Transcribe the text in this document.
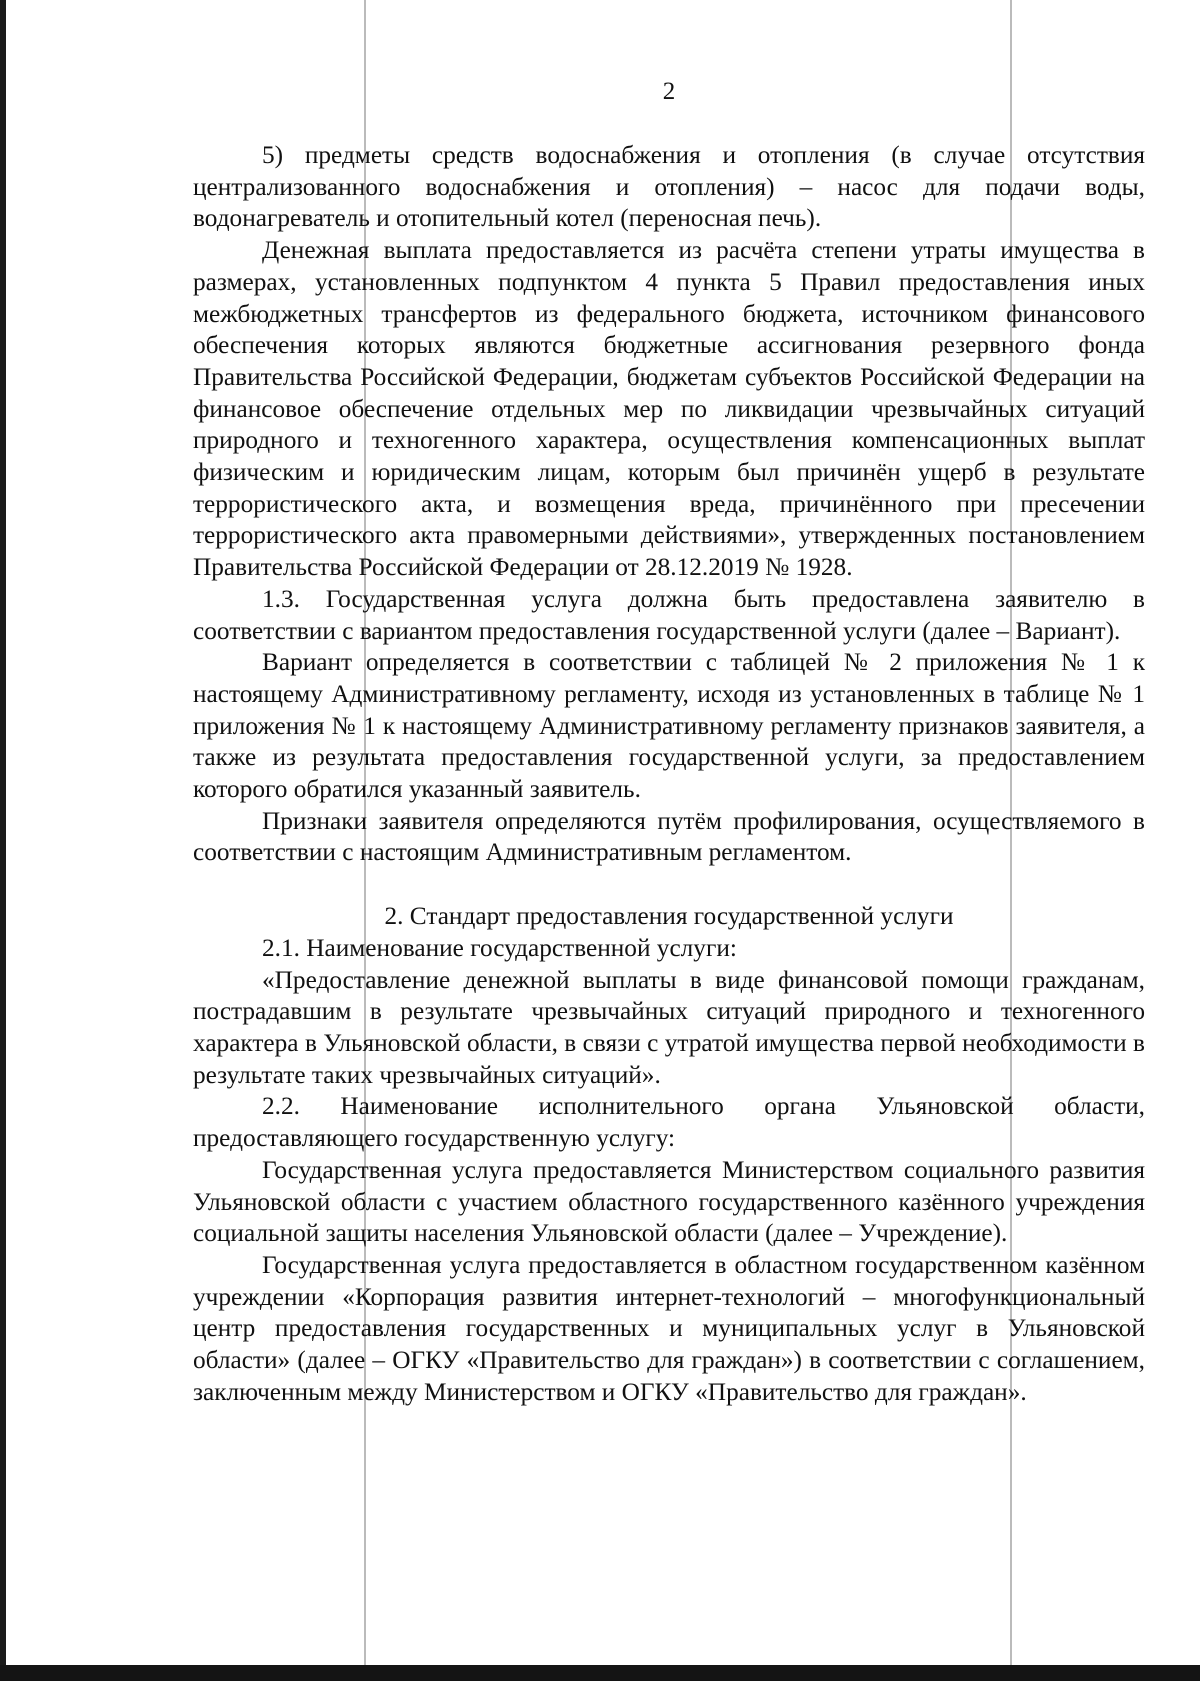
2

5) предметы средств водоснабжения и отопления (в случае отсутствия централизованного водоснабжения и отопления) – насос для подачи воды, водонагреватель и отопительный котел (переносная печь).

Денежная выплата предоставляется из расчёта степени утраты имущества в размерах, установленных подпунктом 4 пункта 5 Правил предоставления иных межбюджетных трансфертов из федерального бюджета, источником финансового обеспечения которых являются бюджетные ассигнования резервного фонда Правительства Российской Федерации, бюджетам субъектов Российской Федерации на финансовое обеспечение отдельных мер по ликвидации чрезвычайных ситуаций природного и техногенного характера, осуществления компенсационных выплат физическим и юридическим лицам, которым был причинён ущерб в результате террористического акта, и возмещения вреда, причинённого при пресечении террористического акта правомерными действиями», утвержденных постановлением Правительства Российской Федерации от 28.12.2019 № 1928.

1.3. Государственная услуга должна быть предоставлена заявителю в соответствии с вариантом предоставления государственной услуги (далее – Вариант).

Вариант определяется в соответствии с таблицей № 2 приложения № 1 к настоящему Административному регламенту, исходя из установленных в таблице № 1 приложения № 1 к настоящему Административному регламенту признаков заявителя, а также из результата предоставления государственной услуги, за предоставлением которого обратился указанный заявитель.

Признаки заявителя определяются путём профилирования, осуществляемого в соответствии с настоящим Административным регламентом.

2. Стандарт предоставления государственной услуги

2.1. Наименование государственной услуги:

«Предоставление денежной выплаты в виде финансовой помощи гражданам, пострадавшим в результате чрезвычайных ситуаций природного и техногенного характера в Ульяновской области, в связи с утратой имущества первой необходимости в результате таких чрезвычайных ситуаций».

2.2. Наименование исполнительного органа Ульяновской области, предоставляющего государственную услугу:

Государственная услуга предоставляется Министерством социального развития Ульяновской области с участием областного государственного казённого учреждения социальной защиты населения Ульяновской области (далее – Учреждение).

Государственная услуга предоставляется в областном государственном казённом учреждении «Корпорация развития интернет-технологий – многофункциональный центр предоставления государственных и муниципальных услуг в Ульяновской области» (далее – ОГКУ «Правительство для граждан») в соответствии с соглашением, заключенным между Министерством и ОГКУ «Правительство для граждан».
